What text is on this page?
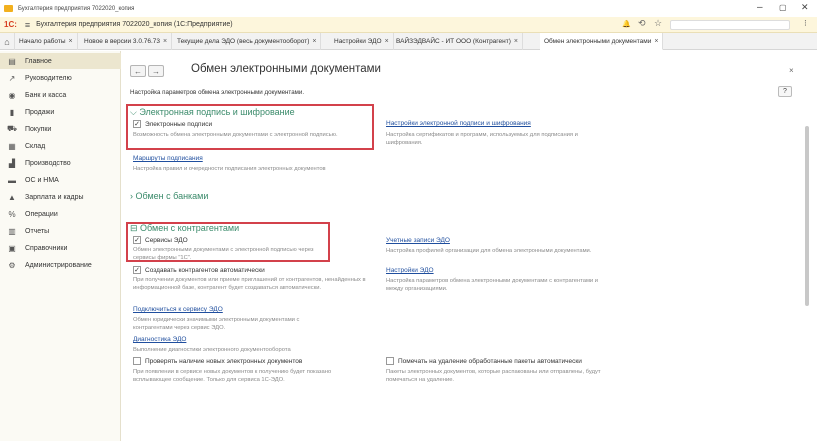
Бухгалтерия предприятия 7022020_копия	– ▢ ✕
1С: ≡ Бухгалтерия предприятия 7022020_копия (1С:Предприятие)	🔔 ⟲ ☆	⁝
⌂	Начало работы × Новое в версии 3.0.76.73 × Текущие дела ЭДО (весь документооборот) ×	Настройки ЭДО × ВАЙЗЭДВАЙС - ИТ ООО (Контрагент) ×	Обмен электронными документами ×
▤	Главное
↗	Руководителю
◉	Банк и касса
▮	Продажи
⛟ Покупки
▦	Склад
▟	Производство
▬	ОС и НМА
▲	Зарплата и кадры
%	Операции
▥	Отчеты
▣	Справочники
⚙	Администрирование
←	→	Обмен электронными документами	×
?
Настройка параметров обмена электронными документами.
⌵ Электронная подпись и шифрование
✓ Электронные подписи
Возможность обмена электронными документами с электронной подписью.
Настройки электронной подписи и шифрования
Настройка сертификатов и программ, используемых для подписания и шифрования.
Маршруты подписания
Настройка правил и очередности подписания электронных документов
› Обмен с банками
⊟ Обмен с контрагентами
✓ Сервисы ЭДО
Обмен электронными документами с электронной подписью через сервисы фирмы "1С".
Учетные записи ЭДО
Настройка профилей организации для обмена электронными документами.
✓ Создавать контрагентов автоматически
При получении документов или приеме приглашений от контрагентов, ненайденных в информационной базе, контрагент будет создаваться автоматически.
Настройки ЭДО
Настройка параметров обмена электронными документами с контрагентами и между организациями.
Подключиться к сервису ЭДО
Обмен юридически значимыми электронными документами с контрагентами через сервис ЭДО.
Диагностика ЭДО
Выполнение диагностики электронного документооборота
Проверять наличие новых электронных документов
При появлении в сервисе новых документов к получению будет показано всплывающее сообщение. Только для сервиса 1С-ЭДО.
Помечать на удаление обработанные пакеты автоматически
Пакеты электронных документов, которые распакованы или отправлены, будут помечаться на удаление.
